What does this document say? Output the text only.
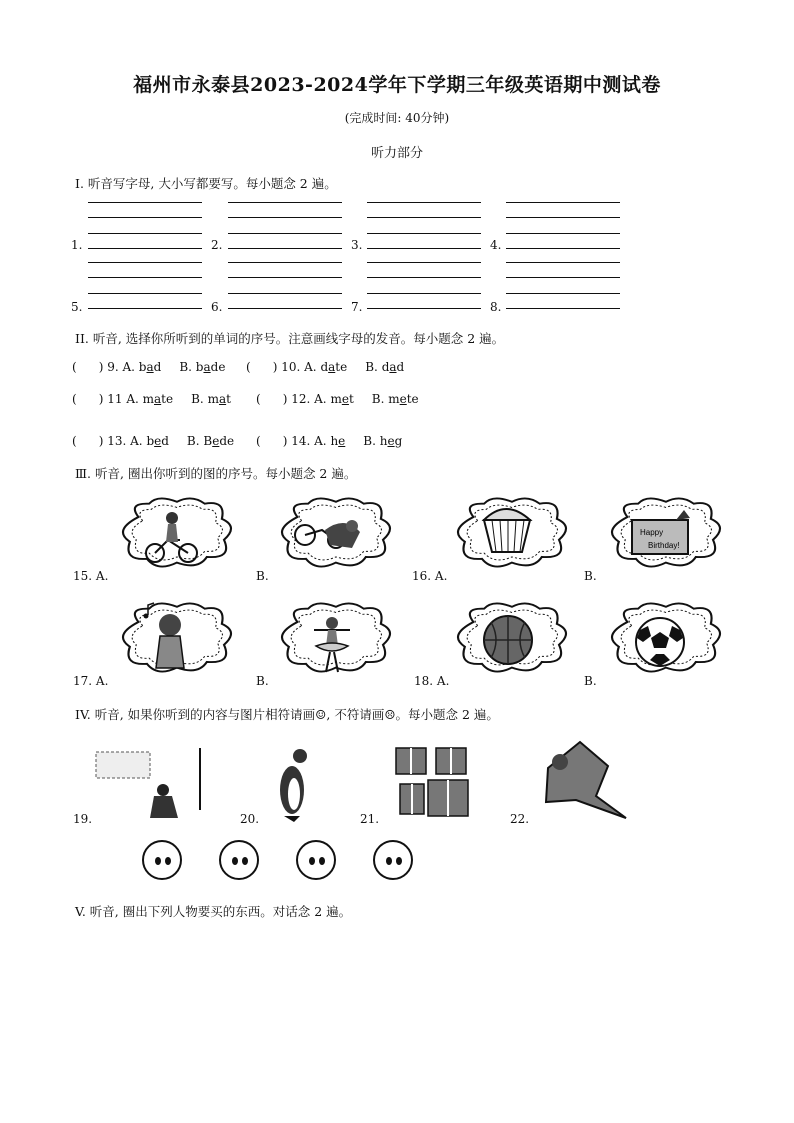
福州市永泰县2023-2024学年下学期三年级英语期中测试卷
(完成时间: 40分钟)
听力部分
Ⅰ. 听音写字母, 大小写都要写。每小题念 2 遍。
1.	2.	3.	4.
5.	6.	7.	8.
II. 听音, 选择你所听到的单词的序号。注意画线字母的发音。每小题念 2 遍。
( ) 9. A. bad B. bade ( ) 10. A. date B. dad
( ) 11 A. mate B. mat ( ) 12. A. met B. mete
( ) 13. A. bed B. Bede ( ) 14. A. he B. heg
Ⅲ. 听音, 圈出你听到的图的序号。每小题念 2 遍。
Happy
Birthday!
15. A.	B.	16. A.	B.
17. A.	B.	18. A.	B.
IV. 听音, 如果你听到的内容与图片相符请画☺, 不符请画☹。每小题念 2 遍。
19.	20.	21.	22.
V. 听音, 圈出下列人物要买的东西。对话念 2 遍。
